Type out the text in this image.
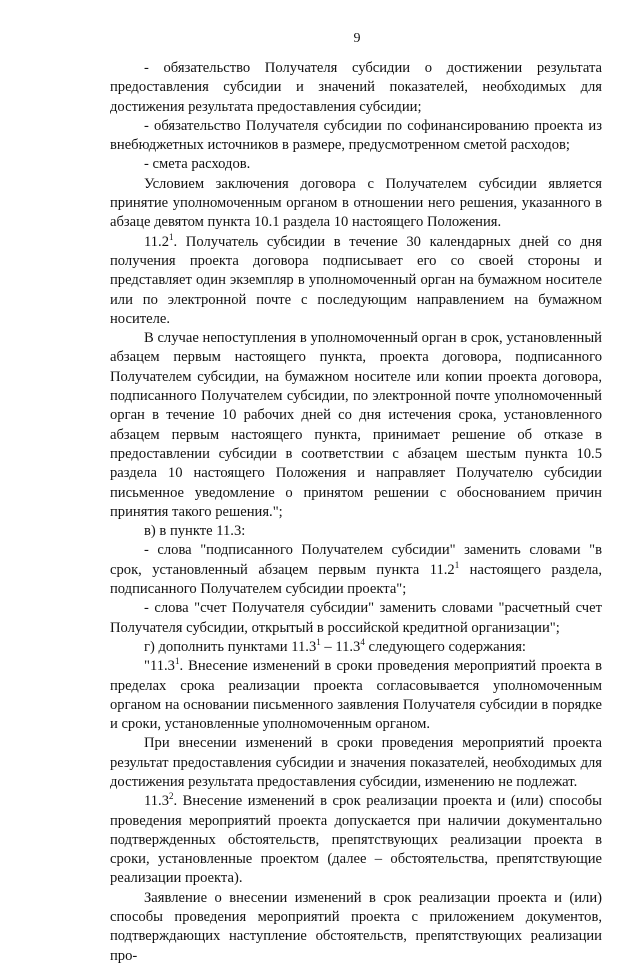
9

- обязательство Получателя субсидии о достижении результата предоставления субсидии и значений показателей, необходимых для достижения результата предоставления субсидии;

- обязательство Получателя субсидии по софинансированию проекта из внебюджетных источников в размере, предусмотренном сметой расходов;

- смета расходов.

Условием заключения договора с Получателем субсидии является принятие уполномоченным органом в отношении него решения, указанного в абзаце девятом пункта 10.1 раздела 10 настоящего Положения.

11.2$^1$. Получатель субсидии в течение 30 календарных дней со дня получения проекта договора подписывает его со своей стороны и представляет один экземпляр в уполномоченный орган на бумажном носителе или по электронной почте с последующим направлением на бумажном носителе.

В случае непоступления в уполномоченный орган в срок, установленный абзацем первым настоящего пункта, проекта договора, подписанного Получателем субсидии, на бумажном носителе или копии проекта договора, подписанного Получателем субсидии, по электронной почте уполномоченный орган в течение 10 рабочих дней со дня истечения срока, установленного абзацем первым настоящего пункта, принимает решение об отказе в предоставлении субсидии в соответствии с абзацем шестым пункта 10.5 раздела 10 настоящего Положения и направляет Получателю субсидии письменное уведомление о принятом решении с обоснованием причин принятия такого решения.";

в) в пункте 11.3:

- слова "подписанного Получателем субсидии" заменить словами "в срок, установленный абзацем первым пункта 11.2$^1$ настоящего раздела, подписанного Получателем субсидии проекта";

- слова "счет Получателя субсидии" заменить словами "расчетный счет Получателя субсидии, открытый в российской кредитной организации";

г) дополнить пунктами 11.3$^1$ – 11.3$^4$ следующего содержания:

"11.3$^1$. Внесение изменений в сроки проведения мероприятий проекта в пределах срока реализации проекта согласовывается уполномоченным органом на основании письменного заявления Получателя субсидии в порядке и сроки, установленные уполномоченным органом.

При внесении изменений в сроки проведения мероприятий проекта результат предоставления субсидии и значения показателей, необходимых для достижения результата предоставления субсидии, изменению не подлежат.

11.3$^2$. Внесение изменений в срок реализации проекта и (или) способы проведения мероприятий проекта допускается при наличии документально подтвержденных обстоятельств, препятствующих реализации проекта в сроки, установленные проектом (далее – обстоятельства, препятствующие реализации проекта).

Заявление о внесении изменений в срок реализации проекта и (или) способы проведения мероприятий проекта с приложением документов, подтверждающих наступление обстоятельств, препятствующих реализации про-
